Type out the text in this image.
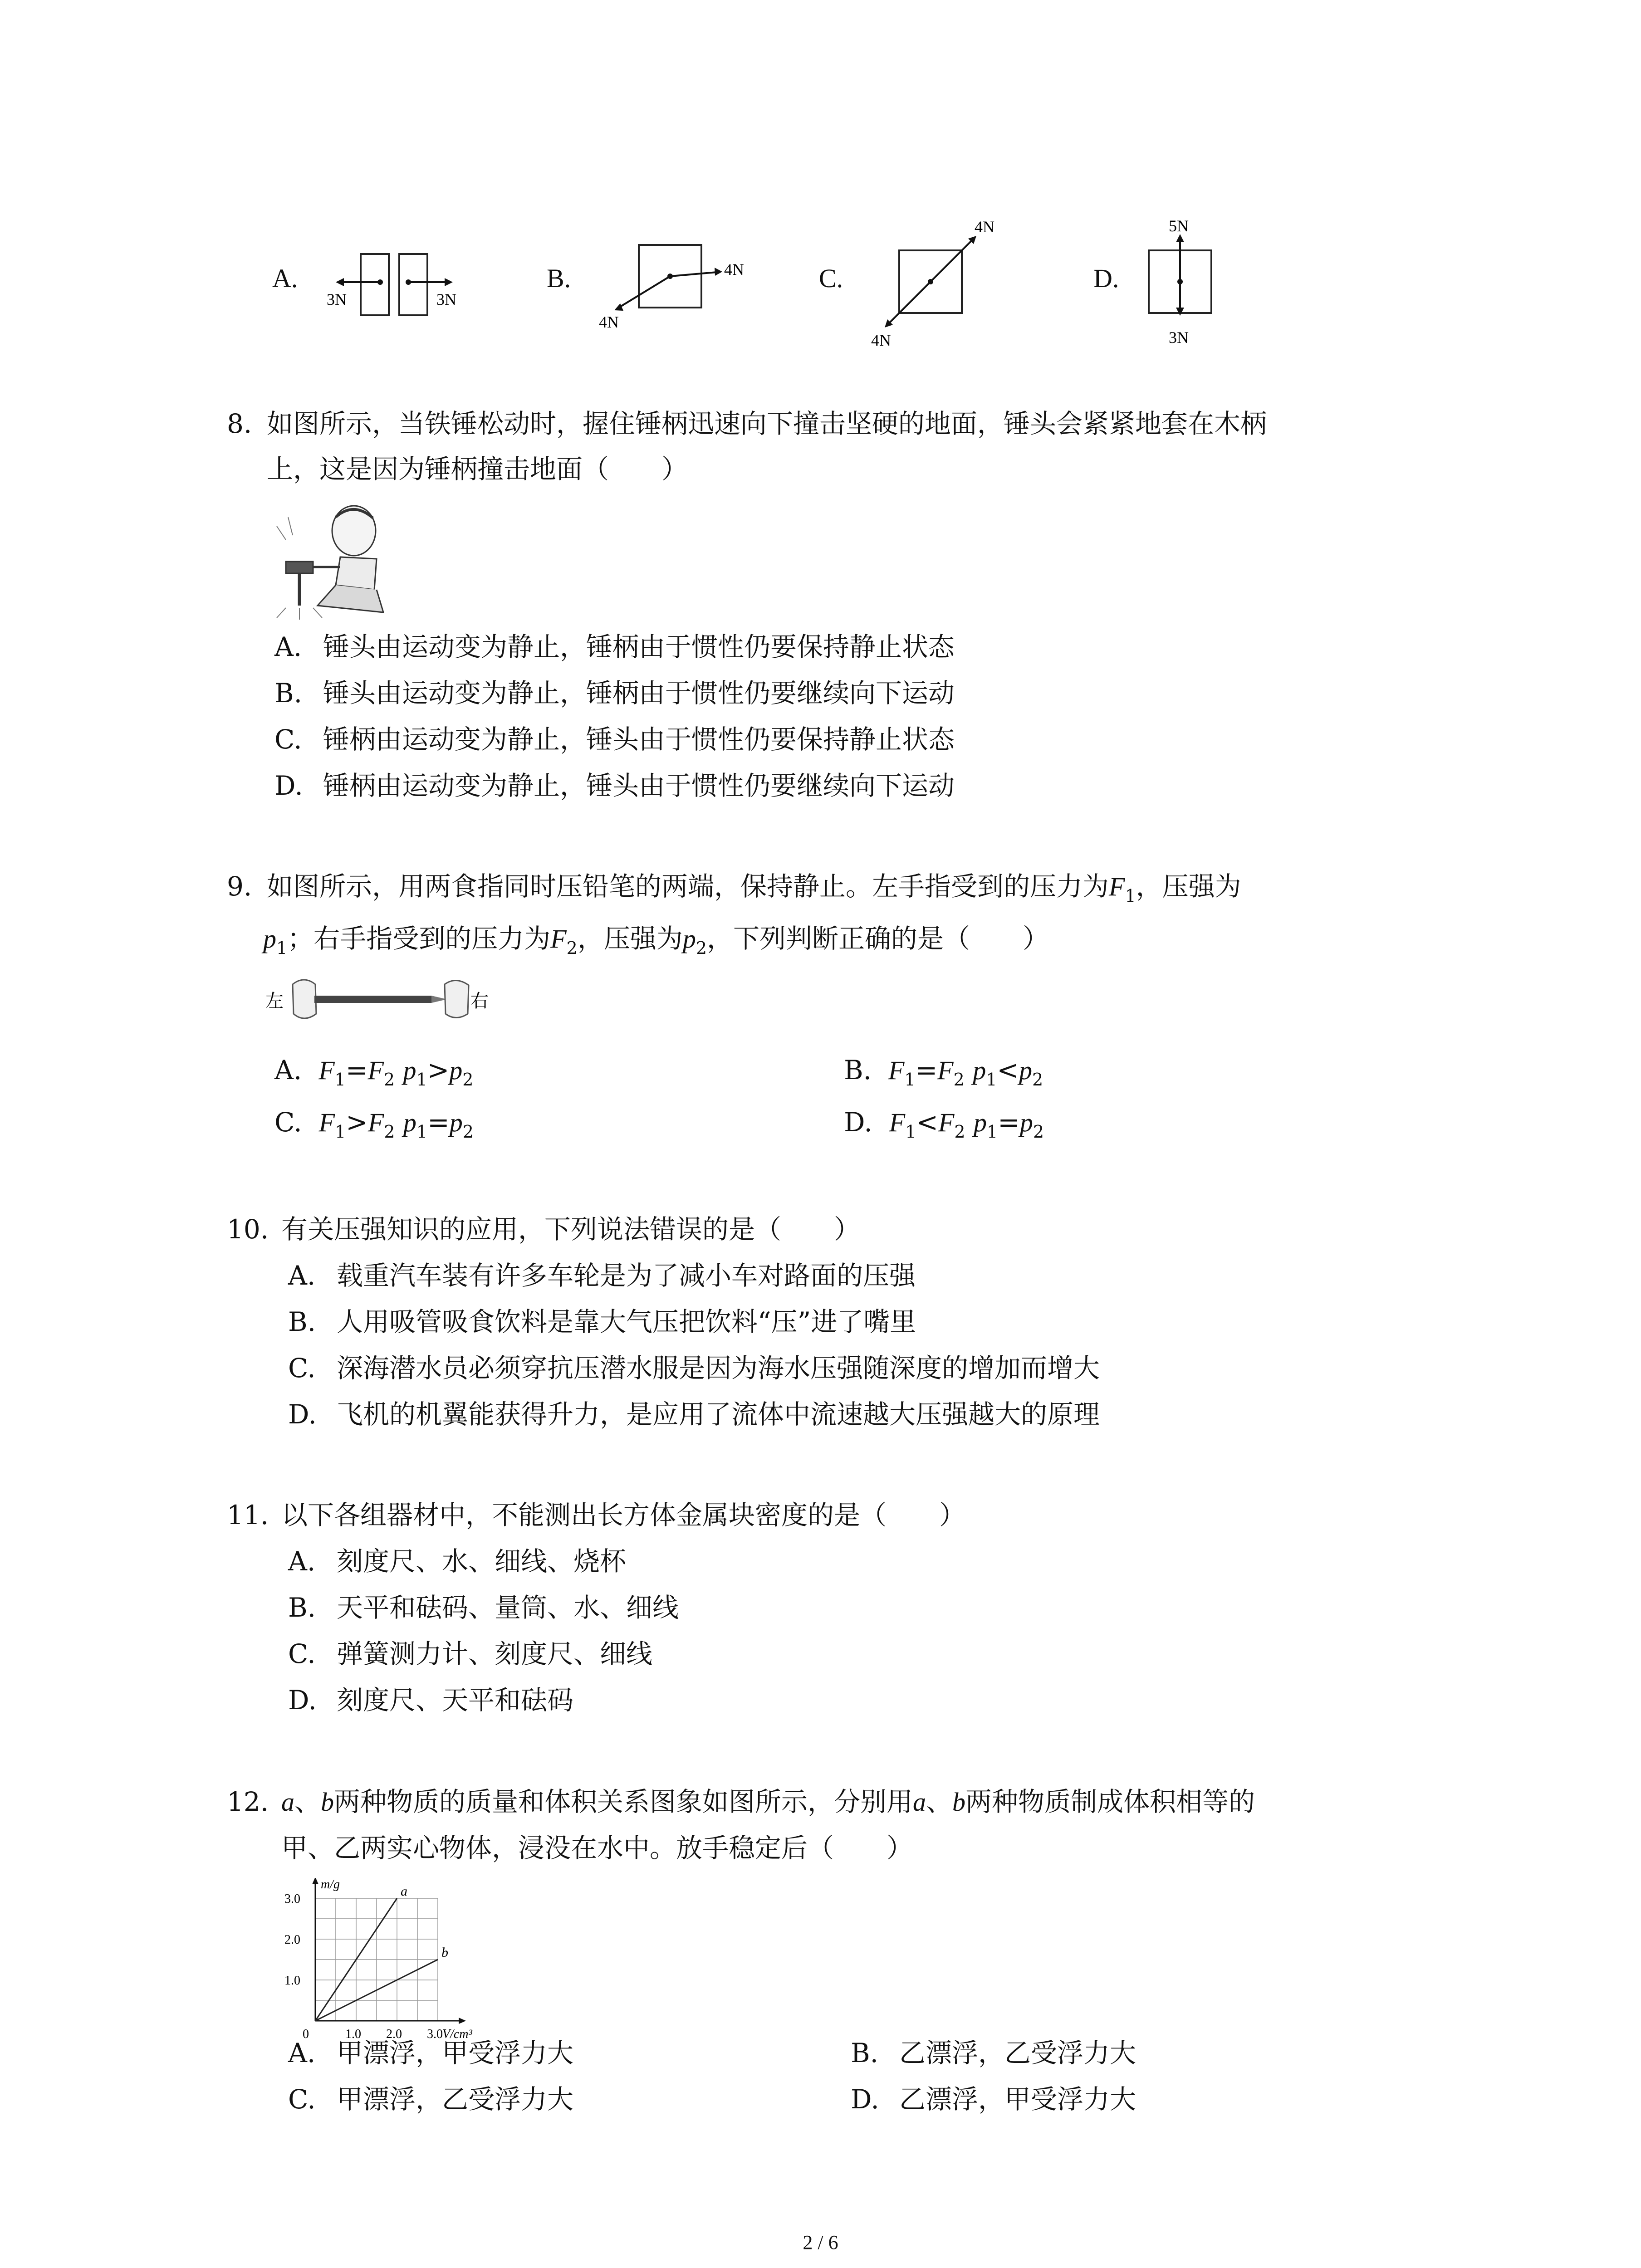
A.
3N	3N
B.	4N
4N
C.
4N
4N
D.
5N
3N
8. 如图所示，当铁锤松动时，握住锤柄迅速向下撞击坚硬的地面，锤头会紧紧地套在木柄
上，这是因为锤柄撞击地面（　　）
A. 锤头由运动变为静止，锤柄由于惯性仍要保持静止状态
B. 锤头由运动变为静止，锤柄由于惯性仍要继续向下运动
C. 锤柄由运动变为静止，锤头由于惯性仍要保持静止状态
D. 锤柄由运动变为静止，锤头由于惯性仍要继续向下运动
9. 如图所示，用两食指同时压铅笔的两端，保持静止。左手指受到的压力为$F_1$，压强为
$p_1$；右手指受到的压力为$F_2$，压强为$p_2$，下列判断正确的是（　　）
左	右
A. $F_1=F_2$ $p_1>p_2$	B. $F_1=F_2$ $p_1<p_2$
C. $F_1>F_2$ $p_1=p_2$	D. $F_1<F_2$ $p_1=p_2$
10. 有关压强知识的应用，下列说法错误的是（　　）
A. 载重汽车装有许多车轮是为了减小车对路面的压强
B. 人用吸管吸食饮料是靠大气压把饮料“压”进了嘴里
C. 深海潜水员必须穿抗压潜水服是因为海水压强随深度的增加而增大
D. 飞机的机翼能获得升力，是应用了流体中流速越大压强越大的原理
11. 以下各组器材中，不能测出长方体金属块密度的是（　　）
A. 刻度尺、水、细线、烧杯
B. 天平和砝码、量筒、水、细线
C. 弹簧测力计、刻度尺、细线
D. 刻度尺、天平和砝码
12. a、b两种物质的质量和体积关系图象如图所示，分别用a、b两种物质制成体积相等的
甲、乙两实心物体，浸没在水中。放手稳定后（　　）
1.0 2.0 3.0
1.0
2.0
3.0
0
m/g
V/cm³
a
b
A. 甲漂浮，甲受浮力大	B. 乙漂浮，乙受浮力大
C. 甲漂浮，乙受浮力大	D. 乙漂浮，甲受浮力大
2 / 6
